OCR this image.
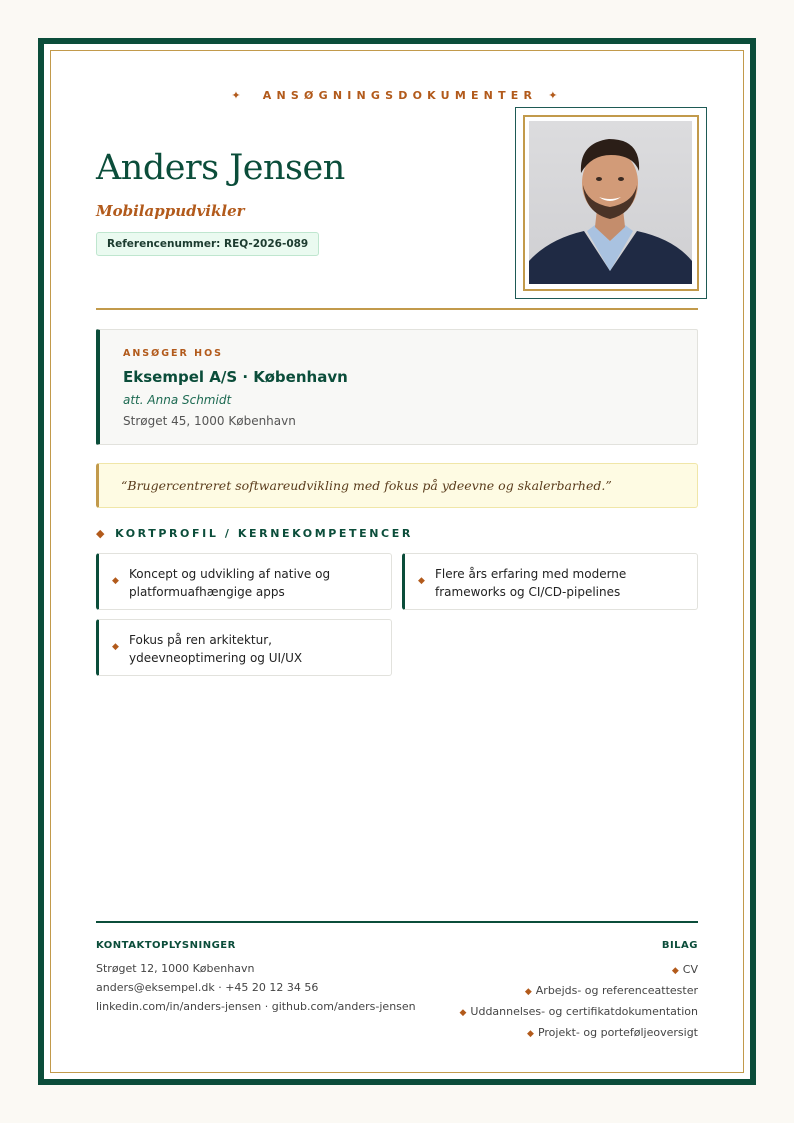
✦ ANSØGNINGSDOKUMENTER ✦
Anders Jensen
Mobilappudvikler
Referencenummer: REQ-2026-089
ANSØGER HOS
Eksempel A/S · København
att. Anna Schmidt
Strøget 45, 1000 København
“Brugercentreret softwareudvikling med fokus på ydeevne og skalerbarhed.”
◆ KORTPROFIL / KERNEKOMPETENCER
◆ Koncept og udvikling af native og platformuafhængige apps
◆ Flere års erfaring med moderne frameworks og CI/CD-pipelines
◆ Fokus på ren arkitektur, ydeevneoptimering og UI/UX
KONTAKTOPLYSNINGER
Strøget 12, 1000 København
anders@eksempel.dk · +45 20 12 34 56
linkedin.com/in/anders-jensen · github.com/anders-jensen
BILAG
◆ CV
◆ Arbejds- og referenceattester
◆ Uddannelses- og certifikatdokumentation
◆ Projekt- og porteføljeoversigt
